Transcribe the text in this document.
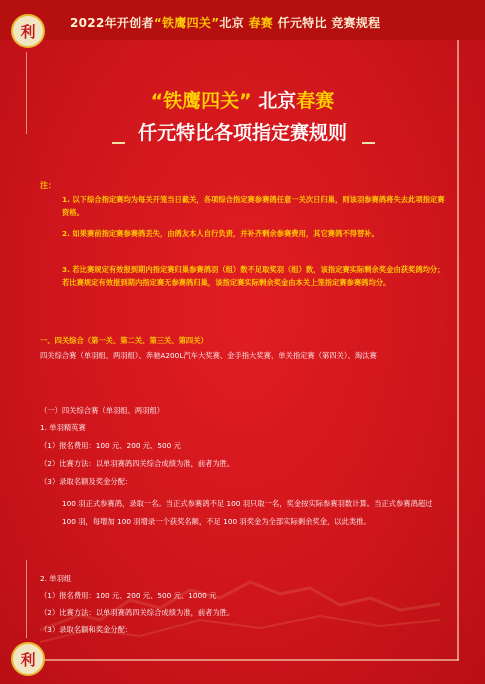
利	2022年开创者“铁鹰四关”北京 春赛 仟元特比 竞赛规程
“铁鹰四关” 北京春赛
仟元特比各项指定赛规则
注：
1. 以下综合指定赛均为每关开笼当日截关，各项综合指定赛参赛鸽任意一关次日归巢，则该羽参赛鸽将失去此项指定赛资格。
2. 如果赛前指定赛参赛鸽丢失，由鸽友本人自行负责，并补齐剩余参赛费用，其它赛鸽不得替补。
3. 若比赛规定有效报到期内指定赛归巢参赛鸽羽（组）数不足取奖羽（组）数，该指定赛实际剩余奖金由获奖鸽均分；若比赛规定有效报到期内指定赛无参赛鸽归巢，该指定赛实际剩余奖金由本关上笼指定赛参赛鸽均分。
一、四关综合（第一关、第二关、第三关、第四关）
四关综合赛（单羽组、两羽组）、奔驰A200L汽车大奖赛、金手指大奖赛、单关指定赛（第四关）、淘汰赛
（一）四关综合赛（单羽组、两羽组）
1. 单羽精英赛
（1）报名费用：100 元、200 元、500 元
（2）比赛方法：以单羽赛鸽四关综合成绩为准，前者为胜。
（3）录取名额及奖金分配：
100 羽正式参赛鸽，录取一名。当正式参赛鸽不足 100 羽只取一名，奖金按实际参赛羽数计算。当正式参赛鸽超过 100 羽，每增加 100 羽增录一个获奖名额，不足 100 羽奖金为全部实际剩余奖金，以此类推。
2. 单羽组
（1）报名费用：100 元、200 元、500 元、1000 元
（2）比赛方法：以单羽赛鸽四关综合成绩为准，前者为胜。
（3）录取名额和奖金分配：
利
